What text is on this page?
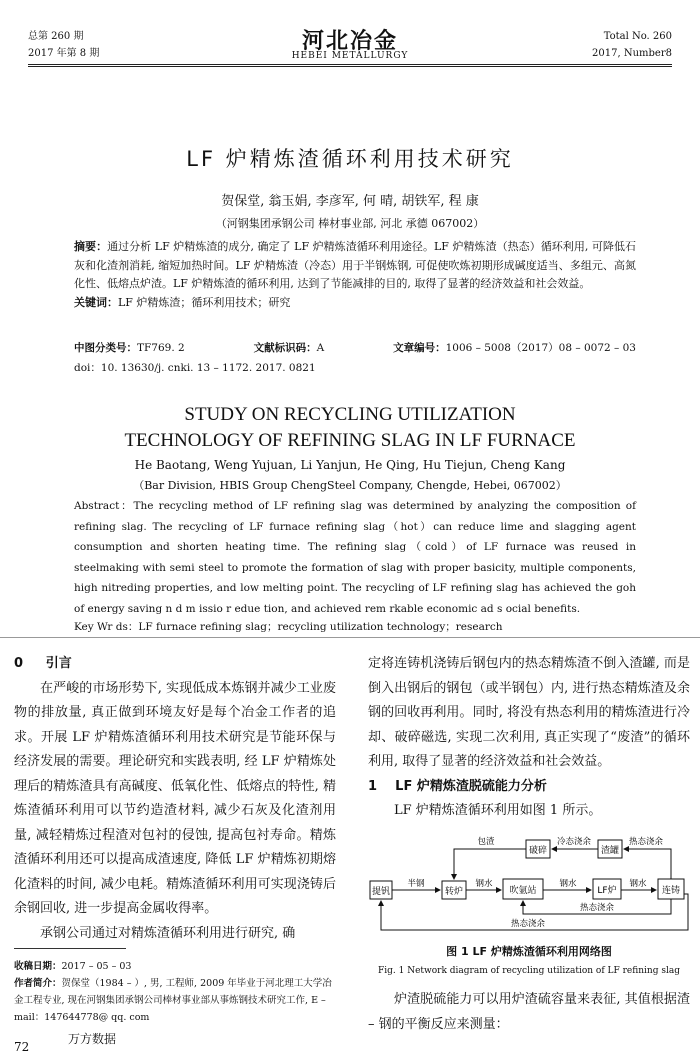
总第 260 期
2017 年第 8 期	河北冶金
HEBEI METALLURGY
Total No. 260
2017, Number8
LF 炉精炼渣循环利用技术研究
贺保堂, 翁玉娟, 李彦军, 何 晴, 胡铁军, 程 康
（河钢集团承钢公司 棒材事业部, 河北 承德 067002）
摘要：通过分析 LF 炉精炼渣的成分, 确定了 LF 炉精炼渣循环利用途径。LF 炉精炼渣（热态）循环利用, 可降低石灰和化渣剂消耗, 缩短加热时间。LF 炉精炼渣（冷态）用于半钢炼钢, 可促使吹炼初期形成碱度适当、多组元、高氮化性、低熔点炉渣。LF 炉精炼渣的循环利用, 达到了节能减排的目的, 取得了显著的经济效益和社会效益。
关键词：LF 炉精炼渣；循环利用技术；研究
中图分类号：TF769. 2	文献标识码：A	文章编号：1006 – 5008（2017）08 – 0072 – 03
doi：10. 13630/j. cnki. 13 – 1172. 2017. 0821
STUDY ON RECYCLING UTILIZATION
TECHNOLOGY OF REFINING SLAG IN LF FURNACE
He Baotang, Weng Yujuan, Li Yanjun, He Qing, Hu Tiejun, Cheng Kang
（Bar Division, HBIS Group ChengSteel Company, Chengde, Hebei, 067002）
Abstract：The recycling method of LF refining slag was determined by analyzing the composition of refining slag. The recycling of LF furnace refining slag（hot）can reduce lime and slagging agent consumption and shorten heating time. The refining slag（cold）of LF furnace was reused in steelmaking with semi steel to promote the formation of slag with proper basicity, multiple components, high nitreding properties, and low melting point. The recycling of LF refining slag has achieved the goh of energy saving n d m issio r edue tion, and achieved rem rkable economic ad s ocial benefits.
Key Wr ds：LF furnace refining slag；recycling utilization technology；research
0 引言

在严峻的市场形势下, 实现低成本炼钢并减少工业废物的排放量, 真正做到环境友好是每个冶金工作者的追求。开展 LF 炉精炼渣循环利用技术研究是节能环保与经济发展的需要。理论研究和实践表明, 经 LF 炉精炼处理后的精炼渣具有高碱度、低氧化性、低熔点的特性, 精炼渣循环利用可以节约造渣材料, 减少石灰及化渣剂用量, 减轻精炼过程渣对包衬的侵蚀, 提高包衬寿命。精炼渣循环利用还可以提高成渣速度, 降低 LF 炉精炼初期熔化渣料的时间, 减少电耗。精炼渣循环利用可实现浇铸后余钢回收, 进一步提高金属收得率。

承钢公司通过对精炼渣循环利用进行研究, 确

收稿日期：2017 – 05 – 03
作者简介：贺保堂（1984 – ）, 男, 工程师, 2009 年毕业于河北理工大学冶金工程专业, 现在河钢集团承钢公司棒材事业部从事炼钢技术研究工作, E – mail：147644778@ qq. com
72
万方数据

定将连铸机浇铸后钢包内的热态精炼渣不倒入渣罐, 而是倒入出钢后的钢包（或半钢包）内, 进行热态精炼渣及余钢的回收再利用。同时, 将没有热态利用的精炼渣进行冷却、破碎磁选, 实现二次利用, 真正实现了“废渣”的循环利用, 取得了显著的经济效益和社会效益。

1 LF 炉精炼渣脱硫能力分析

LF 炉精炼渣循环利用如图 1 所示。

提钒	转炉	吹氩站	LF炉	连铸
破碎	渣罐
包渣	冷态浇余	热态浇余
半钢	钢水	钢水	钢水
热态浇余
热态浇余
图 1 LF 炉精炼渣循环利用网络图
Fig. 1 Network diagram of recycling utilization of LF refining slag

炉渣脱硫能力可以用炉渣硫容量来表征, 其值根据渣 – 钢的平衡反应来测量：
